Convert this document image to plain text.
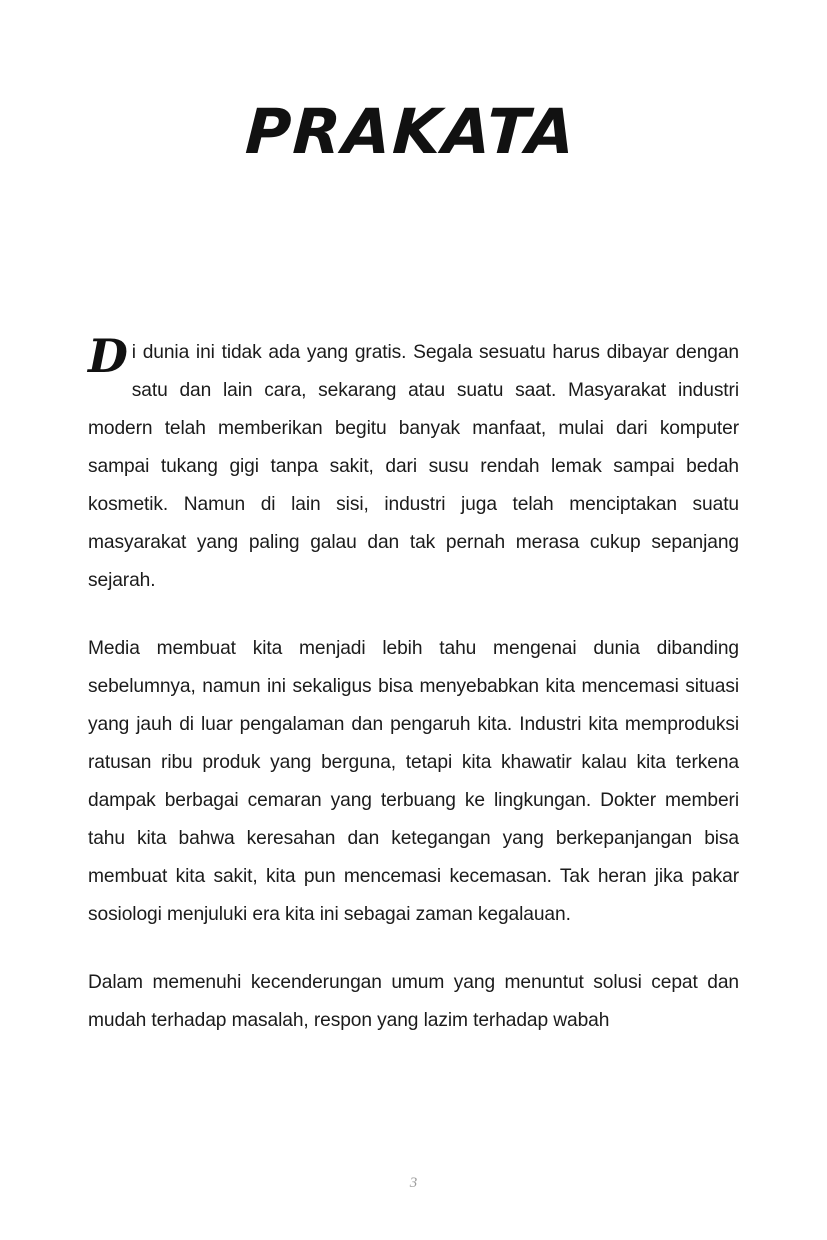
PRAKATA

Di dunia ini tidak ada yang gratis. Segala sesuatu harus dibayar dengan satu dan lain cara, sekarang atau suatu saat. Masyarakat industri modern telah memberikan begitu banyak manfaat, mulai dari komputer sampai tukang gigi tanpa sakit, dari susu rendah lemak sampai bedah kosmetik. Namun di lain sisi, industri juga telah menciptakan suatu masyarakat yang paling galau dan tak pernah merasa cukup sepanjang sejarah.

Media membuat kita menjadi lebih tahu mengenai dunia dibanding sebelumnya, namun ini sekaligus bisa menyebabkan kita mencemasi situasi yang jauh di luar pengalaman dan pengaruh kita. Industri kita memproduksi ratusan ribu produk yang berguna, tetapi kita khawatir kalau kita terkena dampak berbagai cemaran yang terbuang ke lingkungan. Dokter memberi tahu kita bahwa keresahan dan ketegangan yang berkepanjangan bisa membuat kita sakit, kita pun mencemasi kecemasan. Tak heran jika pakar sosiologi menjuluki era kita ini sebagai zaman kegalauan.

Dalam memenuhi kecenderungan umum yang menuntut solusi cepat dan mudah terhadap masalah, respon yang lazim terhadap wabah

3
